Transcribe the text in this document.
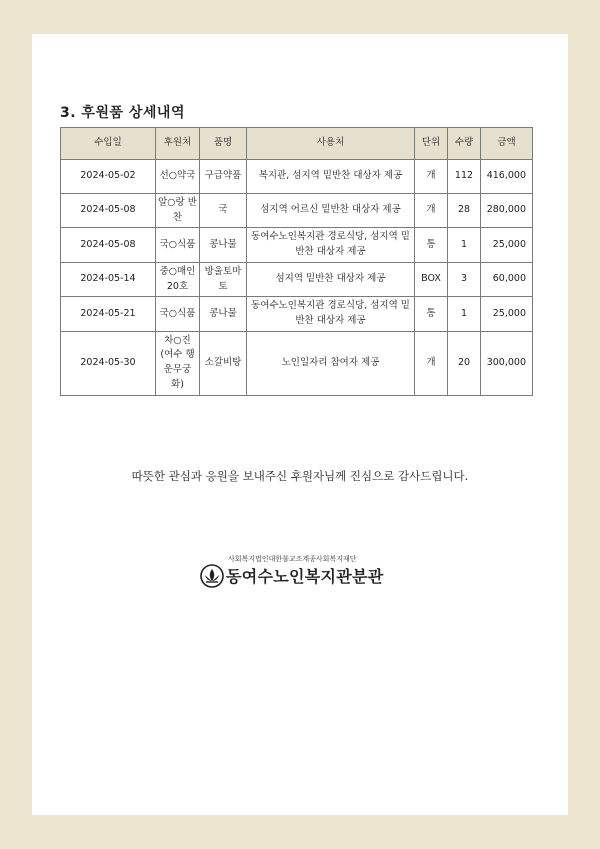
3. 후원품 상세내역
수입일	후원처	품명	사용처	단위	수량	금액
2024-05-02	선○약국	구급약품	복지관, 섬지역 밑반찬 대상자 제공	개	112	416,000
2024-05-08	알○랑 반찬	국	섬지역 어르신 밑반찬 대상자 제공	개	28	280,000
2024-05-08	국○식품	콩나물	동여수노인복지관 경로식당, 섬지역 밑반찬 대상자 제공	통	1	25,000
2024-05-14	중○매인20호	방울토마토	섬지역 밑반찬 대상자 제공	BOX	3	60,000
2024-05-21	국○식품	콩나물	동여수노인복지관 경로식당, 섬지역 밑반찬 대상자 제공	통	1	25,000
2024-05-30	차○진 (여수 행운무궁화)	소갈비탕	노인일자리 참여자 제공	개	20	300,000
따뜻한 관심과 응원을 보내주신 후원자님께 진심으로 감사드립니다.
사회복지법인대한불교조계종사회복지재단
동여수노인복지관분관
